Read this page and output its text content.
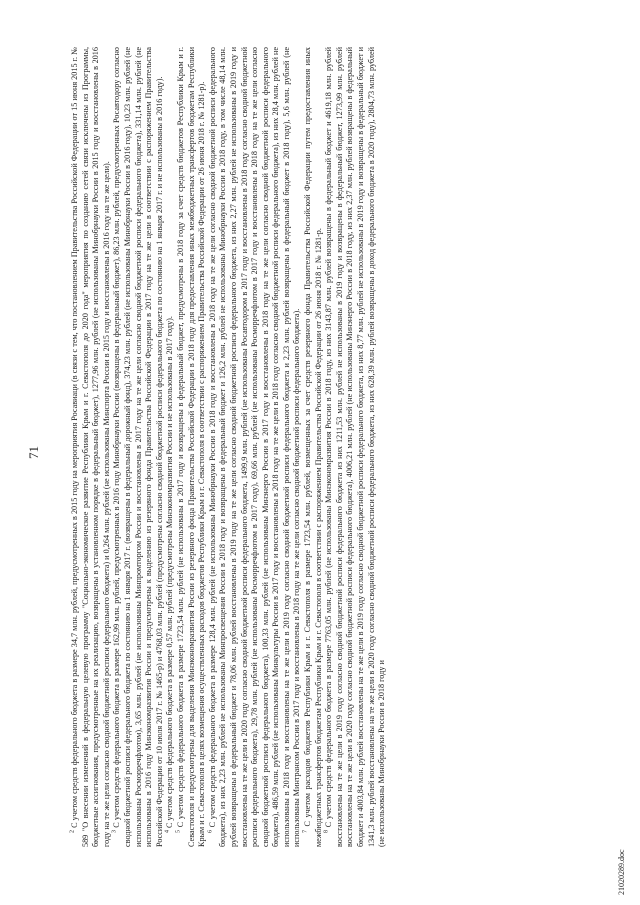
71

$^2$ С учетом средств федерального бюджета в размере 34,7 млн. рублей, предусмотренных в 2015 году на мероприятия Росавиаци (в связи с тем, что постановлением Правительства Российской Федерации от 15 июня 2015 г. № 589 "О внесении изменений в федеральную целевую программу "Социально-экономическое развитие Республики Крым и г. Севастополя до 2020 года" мероприятия по созданию сетей связи исключены из Программы, бюджетные ассигнования, предусмотренные на их реализацию, возвращены в установленном порядке в федеральный бюджет), 1277,96 млн. рублей (не использованы Минобрнауки России в 2015 году и восстановлены в 2016 году на те же цели согласно сводной бюджетной росписи федерального бюджета) и 0,264 млн. рублей (не использованы Минспорта России в 2015 году и восстановлены в 2016 году на те же цели). $^3$ С учетом средств федерального бюджета в размере 162,99 млн. рублей, предусмотренных в 2016 году Минобрнауки России (возвращены в федеральный бюджет), 86,23 млн. рублей, предусмотренных Росавтодору согласно сводной бюджетной росписи федерального бюджета по состоянию на 1 января 2017 г. (возвращены в федеральный дорожный фонд), 374,23 млн. рублей (не использованы Минобрнауки России в 2016 году), 10,23 млн. рублей (не использованы Росморречфлотом), 3,65 млн. рублей (не использованы Минпромторгом России и восстановлены в 2017 году на те же цели согласно сводной бюджетной росписи федерального бюджета), 331,14 млн. рублей (не использованы в 2016 году Минэкономразвития России и предусмотрены к выделению из резервного фонда Правительства Российской Федерации в 2017 году на те же цели в соответствии с распоряжением Правительства Российской Федерации от 10 июля 2017 г. № 1465-р) и 4768,03 млн. рублей (предусмотрены согласно сводной бюджетной росписи федерального бюджета по состоянию на 1 января 2017 г. и не использованы в 2016 году). $^4$ С учетом средств федерального бюджета в размере 0,57 млн. рублей (предусмотрены Минэкономразвития России и не использованы в 2017 году).

$^5$ С учетом средств федерального бюджета в размере 1723,54 млн. рублей (не использованы в 2017 году и возвращены в федеральный бюджет, предусмотрены в 2018 году за счет средств бюджетов Республики Крым и г. Севастополя и предусмотрены для выделения Минэкономразвития России из резервного фонда Правительства Российской Федерации в 2018 году для предоставления иных межбюджетных трансфертов бюджетам Республики Крым и г. Севастополя в целях возмещения осуществленных расходов бюджетов Республики Крым и г. Севастополя в соответствии с распоряжением Правительства Российской Федерации от 26 июня 2018 г. № 1281-р). $^6$ С учетом средств федерального бюджета в размере 128,4 млн. рублей (не использованы Минобрнауки России в 2018 году и восстановлены в 2018 году на те же цели согласно сводной бюджетной росписи федерального бюджета), из них 2,23 млн. рублей не использованы Минпросвещения России в 2018 году и возвращены в федеральный бюджет и 126,2 млн. рублей не использованы Минобрнауки России в 2018 году, в том числе 48,14 млн. рублей возвращены в федеральный бюджет и 78,06 млн. рублей восстановлены в 2019 году на те же цели согласно сводной бюджетной росписи федерального бюджета, из них 2,27 млн. рублей не использованы в 2019 году и восстановлены на те же цели в 2020 году согласно сводной бюджетной росписи федерального бюджета, 1499,9 млн. рублей (не использованы Росавтодором в 2017 году и восстановлены в 2018 году согласно сводной бюджетной росписи федерального бюджета), 29,78 млн. рублей (не использованы Росморречфлотом в 2017 году), 69,66 млн. рублей (не использованы Росморречфлотом в 2017 году и восстановлены в 2018 году на те же цели согласно сводной бюджетной росписи федерального бюджета), 100,33 млн. рублей (не использованы Минэнерго России в 2017 году и восстановлены в 2018 году на те же цели согласно сводной бюджетной росписи федерального бюджета), 486,59 млн. рублей (не использованы Минкультуры России в 2017 году и восстановлены в 2018 году на те же цели в 2018 году согласно сводной бюджетной росписи федерального бюджета), из них 28,4 млн. рублей не использованы в 2018 году и восстановлены на те же цели в 2019 году согласно сводной бюджетной росписи федерального бюджета и 2,23 млн. рублей возвращены в федеральный бюджет в 2018 году), 5,6 млн. рублей (не использованы Минтрансом России в 2017 году и восстановлены в 2018 году на те же цели согласно сводной бюджетной росписи федерального бюджета). $^7$ С учетом расходов бюджетов Республики Крым и г. Севастополя в размере 1723,54 млн. рублей, возмещенных за счет средств резервного фонда Правительства Российской Федерации путем предоставления иных межбюджетных трансфертов бюджетам Республики Крым и г. Севастополя в соответствии с распоряжением Правительства Российской Федерации от 26 июня 2018 г. № 1281-р. $^8$ С учетом средств федерального бюджета в размере 7763,05 млн. рублей (не использованы Минэкономразвития России в 2018 году, из них 3143,87 млн. рублей возвращены в федеральный бюджет и 4619,18 млн. рублей восстановлены на те же цели в 2019 году согласно сводной бюджетной росписи федерального бюджета из них 1211,53 млн. рублей не использованы в 2019 году и возвращены в федеральный бюджет, 1273,99 млн. рублей восстановлены на те же цели в 2020 году согласно сводной бюджетной росписи федерального бюджета), 4006,21 млн. рублей (не использованы Минэнерго России в 2018 году, из них 2,37 млн. рублей возвращены в федеральный бюджет и 4003,84 млн. рублей восстановлены на те же цели в 2019 году согласно сводной бюджетной росписи федерального бюджета, из них 8,77 млн. рублей не использованы в 2019 году и возвращены в федеральный бюджет и 1341,3 млн. рублей восстановлены на те же цели в 2020 году согласно сводной бюджетной росписи федерального бюджета, из них 628,39 млн. рублей возвращены в доход федерального бюджета в 2020 году), 2804,73 млн. рублей (не использованы Минобрнауки России в 2018 году и

21020289.doc
